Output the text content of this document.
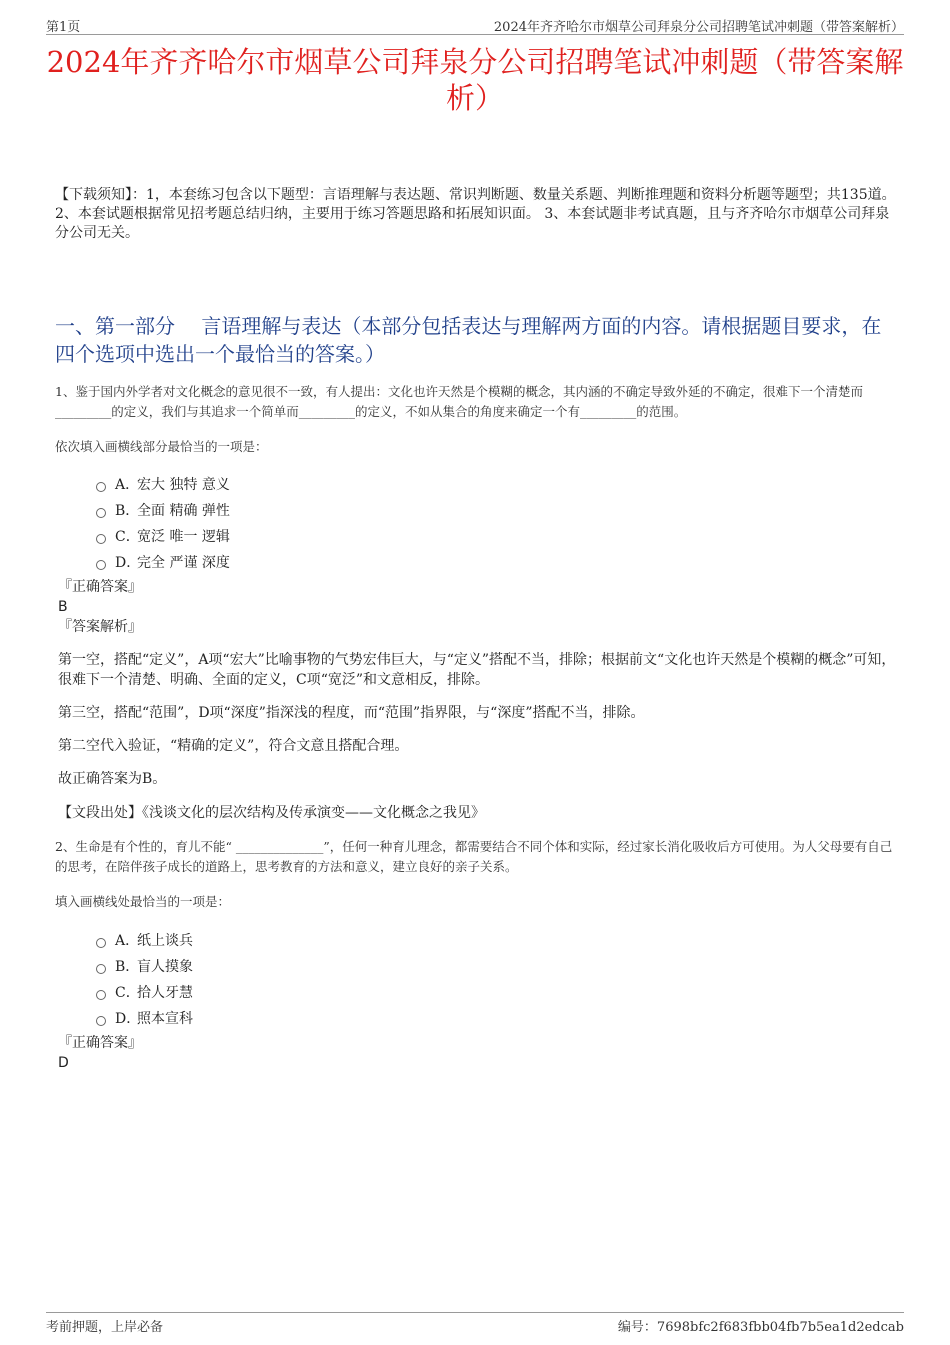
第1页	2024年齐齐哈尔市烟草公司拜泉分公司招聘笔试冲刺题（带答案解析）
2024年齐齐哈尔市烟草公司拜泉分公司招聘笔试冲刺题（带答案解析）
【下载须知】：1，本套练习包含以下题型：言语理解与表达题、常识判断题、数量关系题、判断推理题和资料分析题等题型；共135道。 2、本套试题根据常见招考题总结归纳，主要用于练习答题思路和拓展知识面。 3、本套试题非考试真题，且与齐齐哈尔市烟草公司拜泉分公司无关。
一、第一部分　 言语理解与表达（本部分包括表达与理解两方面的内容。请根据题目要求，在四个选项中选出一个最恰当的答案。）
1、鉴于国内外学者对文化概念的意见很不一致，有人提出：文化也许天然是个模糊的概念，其内涵的不确定导致外延的不确定，很难下一个清楚而_________的定义，我们与其追求一个简单而_________的定义，不如从集合的角度来确定一个有_________的范围。
依次填入画横线部分最恰当的一项是：
A．
宏大 独特 意义
B．
全面 精确 弹性
C．
宽泛 唯一 逻辑
D．
完全 严谨 深度
『正确答案』
B
『答案解析』
第一空，搭配“定义”，A项“宏大”比喻事物的气势宏伟巨大，与“定义”搭配不当，排除；根据前文“文化也许天然是个模糊的概念”可知，很难下一个清楚、明确、全面的定义，C项“宽泛”和文意相反，排除。
第三空，搭配“范围”，D项“深度”指深浅的程度，而“范围”指界限，与“深度”搭配不当，排除。
第二空代入验证，“精确的定义”，符合文意且搭配合理。
故正确答案为B。
【文段出处】《浅谈文化的层次结构及传承演变——文化概念之我见》
2、生命是有个性的，育儿不能“ ______________”，任何一种育儿理念，都需要结合不同个体和实际，经过家长消化吸收后方可使用。为人父母要有自己的思考，在陪伴孩子成长的道路上，思考教育的方法和意义，建立良好的亲子关系。
填入画横线处最恰当的一项是：
A．
纸上谈兵
B．
盲人摸象
C．
拾人牙慧
D．
照本宣科
『正确答案』
D
考前押题，上岸必备	编号：7698bfc2f683fbb04fb7b5ea1d2edcab
